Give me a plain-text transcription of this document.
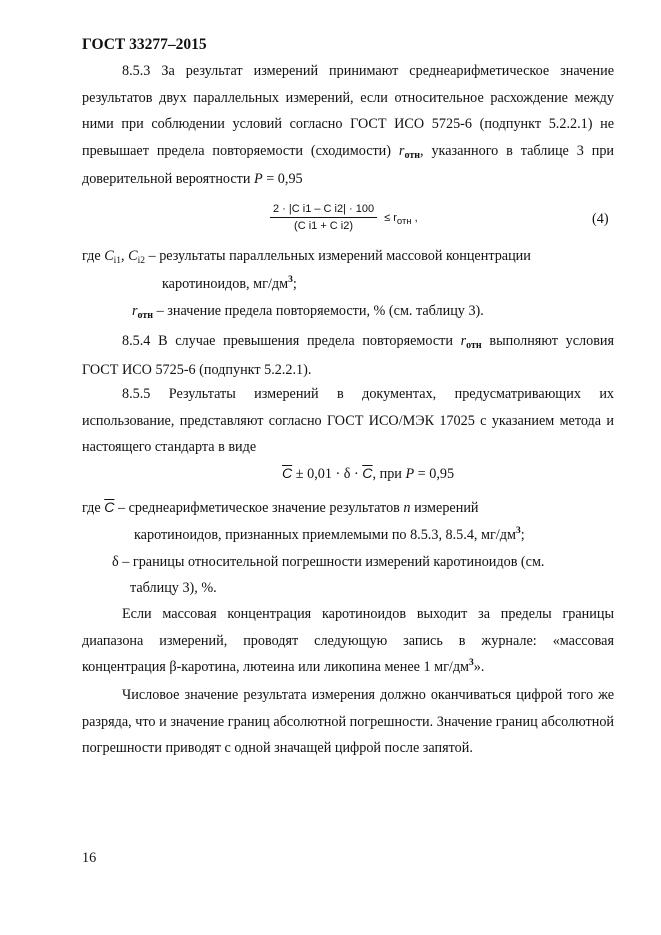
ГОСТ 33277–2015

8.5.3 За результат измерений принимают среднеарифметическое значение результатов двух параллельных измерений, если относительное расхождение между ними при соблюдении условий согласно ГОСТ ИСО 5725-6 (подпункт 5.2.2.1) не превышает предела повторяемости (сходимости) $r_{отн}$, указанного в таблице 3 при доверительной вероятности P = 0,95

$\frac{\text{2 · |C i1 – C i2| · 100}}{\text{(C i1 + C i2)}}$ ≤ rотн ,	(4)
где $C_{i1}$, $C_{i2}$ – результаты параллельных измерений массовой концентрации
каротиноидов, $мг/дм^3$;
$r_{отн}$ – значение предела повторяемости, % (см. таблицу 3).

8.5.4 В случае превышения предела повторяемости $r_{отн}$ выполняют условия ГОСТ ИСО 5725-6 (подпункт 5.2.2.1).

8.5.5 Результаты измерений в документах, предусматривающих их использование, представляют согласно ГОСТ ИСО/МЭК 17025 с указанием метода и настоящего стандарта в виде

$\overline{C} \pm 0,01 \cdot \delta \cdot \overline{C}$, при P = 0,95
где $\overline{C}$ – среднеарифметическое значение результатов n измерений
каротиноидов, признанных приемлемыми по 8.5.3, 8.5.4, $мг/дм^3$;
δ – границы относительной погрешности измерений каротиноидов (см.
таблицу 3), %.

Если массовая концентрация каротиноидов выходит за пределы границы диапазона измерений, проводят следующую запись в журнале: «массовая концентрация β-каротина, лютеина или ликопина менее 1 $мг/дм^3$».

Числовое значение результата измерения должно оканчиваться цифрой того же разряда, что и значение границ абсолютной погрешности. Значение границ абсолютной погрешности приводят с одной значащей цифрой после запятой.

16
